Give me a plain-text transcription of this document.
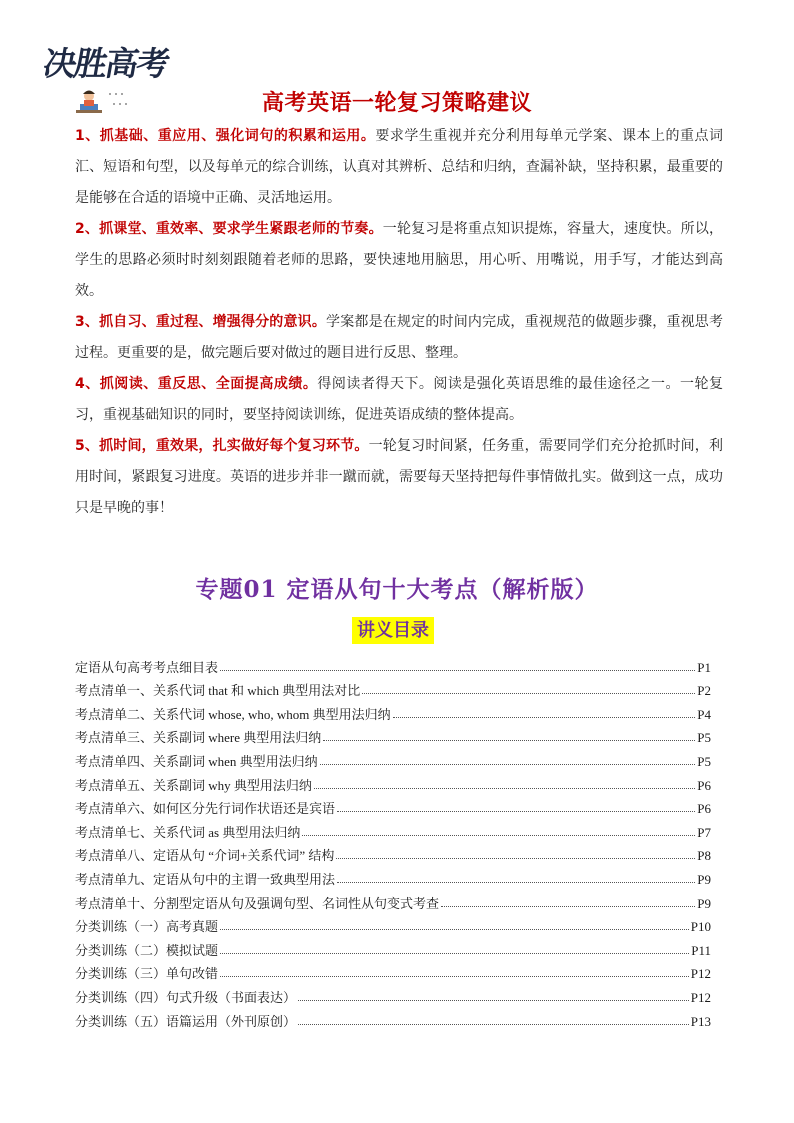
决胜高考
高考英语一轮复习策略建议

1、抓基础、重应用、强化词句的积累和运用。要求学生重视并充分利用每单元学案、课本上的重点词汇、短语和句型，以及每单元的综合训练，认真对其辨析、总结和归纳，查漏补缺，坚持积累，最重要的是能够在合适的语境中正确、灵活地运用。

2、抓课堂、重效率、要求学生紧跟老师的节奏。一轮复习是将重点知识提炼，容量大，速度快。所以，学生的思路必须时时刻刻跟随着老师的思路，要快速地用脑思，用心听、用嘴说，用手写，才能达到高效。

3、抓自习、重过程、增强得分的意识。学案都是在规定的时间内完成，重视规范的做题步骤，重视思考过程。更重要的是，做完题后要对做过的题目进行反思、整理。

4、抓阅读、重反思、全面提高成绩。得阅读者得天下。阅读是强化英语思维的最佳途径之一。一轮复习，重视基础知识的同时，要坚持阅读训练，促进英语成绩的整体提高。

5、抓时间，重效果，扎实做好每个复习环节。一轮复习时间紧，任务重，需要同学们充分抢抓时间，利用时间，紧跟复习进度。英语的进步并非一蹴而就，需要每天坚持把每件事情做扎实。做到这一点，成功只是早晚的事！

专题01 定语从句十大考点（解析版）
讲义目录
定语从句高考考点细目表	P1
考点清单一、关系代词 that 和 which 典型用法对比	P2
考点清单二、关系代词 whose, who, whom 典型用法归纳	P4
考点清单三、关系副词 where 典型用法归纳	P5
考点清单四、关系副词 when 典型用法归纳	P5
考点清单五、关系副词 why 典型用法归纳	P6
考点清单六、如何区分先行词作状语还是宾语	P6
考点清单七、关系代词 as 典型用法归纳	P7
考点清单八、定语从句 “介词+关系代词” 结构	P8
考点清单九、定语从句中的主谓一致典型用法	P9
考点清单十、分割型定语从句及强调句型、名词性从句变式考查	P9
分类训练（一）高考真题	P10
分类训练（二）模拟试题	P11
分类训练（三）单句改错	P12
分类训练（四）句式升级（书面表达）	P12
分类训练（五）语篇运用（外刊原创）	P13
